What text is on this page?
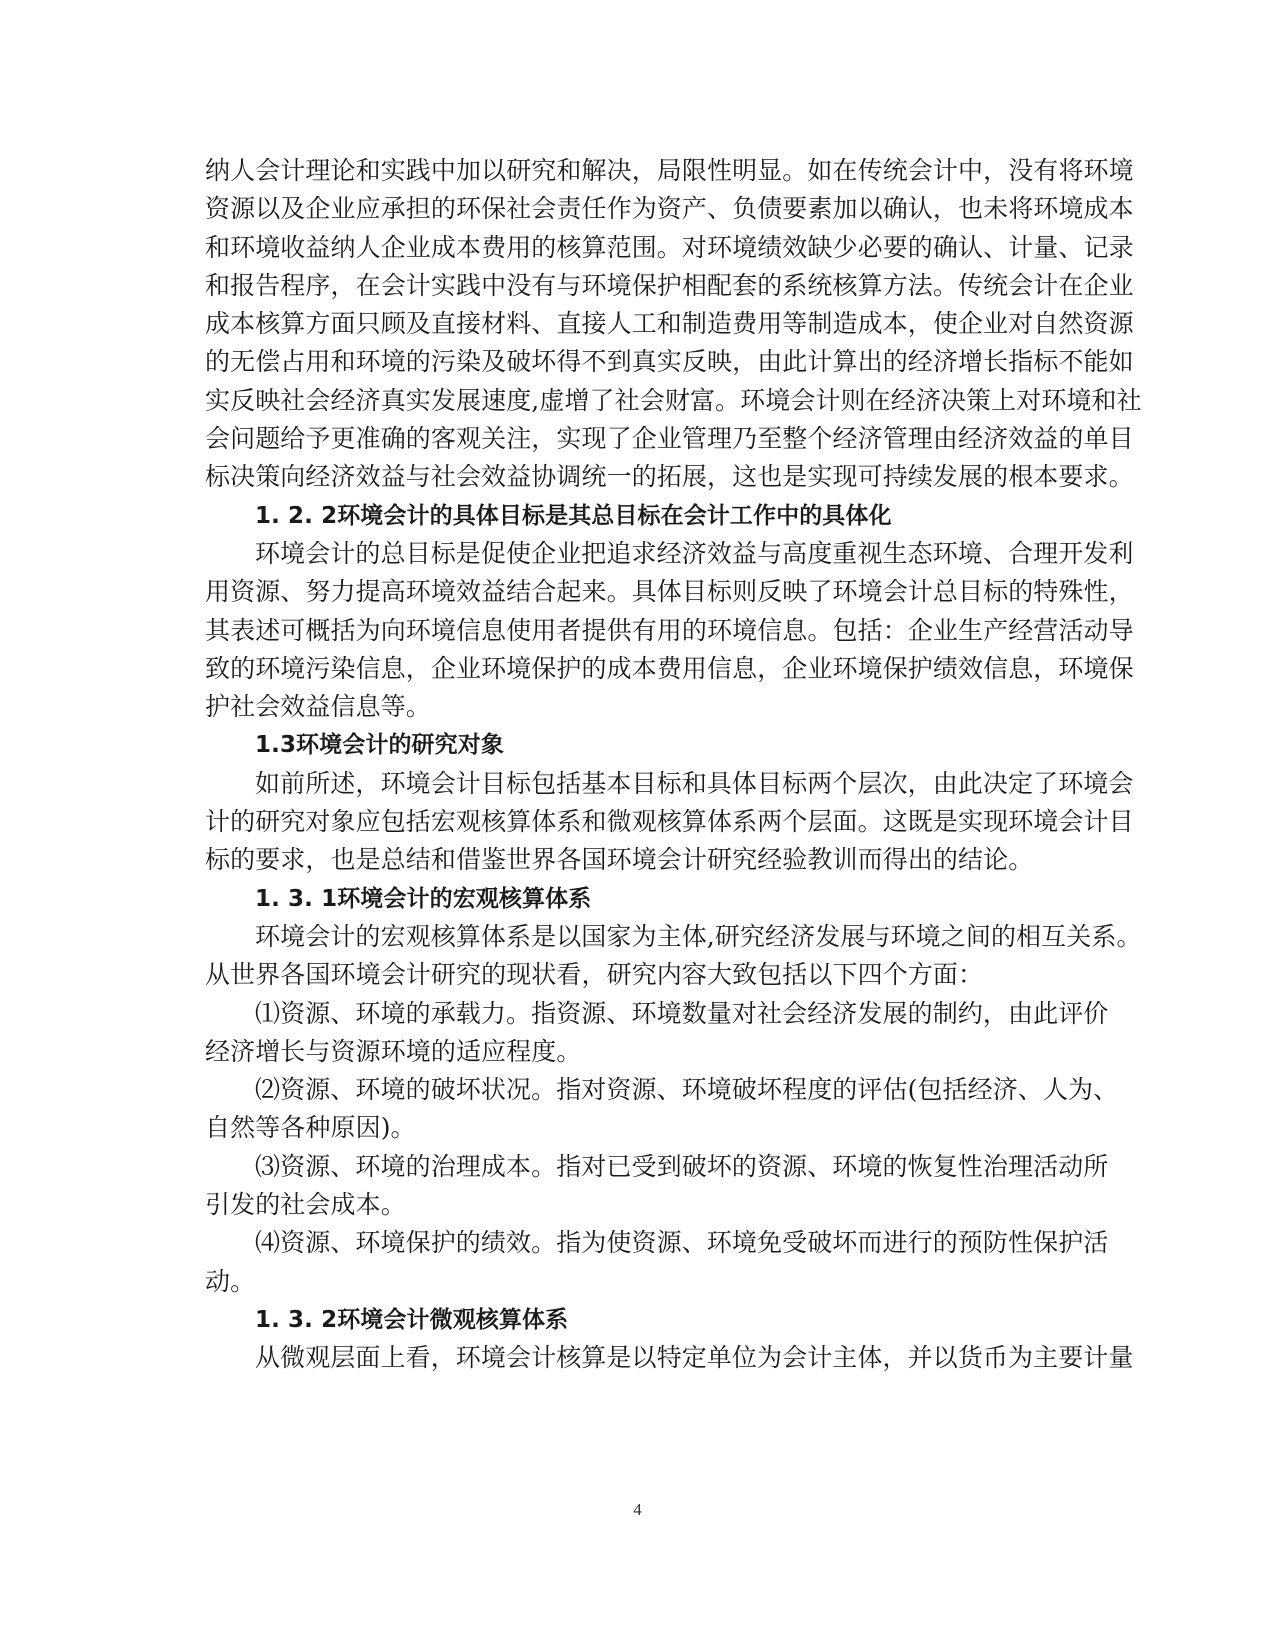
纳人会计理论和实践中加以研究和解决，局限性明显。如在传统会计中，没有将环境
资源以及企业应承担的环保社会责任作为资产、负债要素加以确认，也未将环境成本
和环境收益纳人企业成本费用的核算范围。对环境绩效缺少必要的确认、计量、记录
和报告程序，在会计实践中没有与环境保护相配套的系统核算方法。传统会计在企业
成本核算方面只顾及直接材料、直接人工和制造费用等制造成本，使企业对自然资源
的无偿占用和环境的污染及破坏得不到真实反映，由此计算出的经济增长指标不能如
实反映社会经济真实发展速度,虚增了社会财富。环境会计则在经济决策上对环境和社
会问题给予更准确的客观关注，实现了企业管理乃至整个经济管理由经济效益的单目
标决策向经济效益与社会效益协调统一的拓展，这也是实现可持续发展的根本要求。
1. 2. 2环境会计的具体目标是其总目标在会计工作中的具体化
环境会计的总目标是促使企业把追求经济效益与高度重视生态环境、合理开发利
用资源、努力提高环境效益结合起来。具体目标则反映了环境会计总目标的特殊性，
其表述可概括为向环境信息使用者提供有用的环境信息。包括：企业生产经营活动导
致的环境污染信息，企业环境保护的成本费用信息，企业环境保护绩效信息，环境保
护社会效益信息等。
1.3环境会计的研究对象
如前所述，环境会计目标包括基本目标和具体目标两个层次，由此决定了环境会
计的研究对象应包括宏观核算体系和微观核算体系两个层面。这既是实现环境会计目
标的要求，也是总结和借鉴世界各国环境会计研究经验教训而得出的结论。
1. 3. 1环境会计的宏观核算体系
环境会计的宏观核算体系是以国家为主体,研究经济发展与环境之间的相互关系。
从世界各国环境会计研究的现状看，研究内容大致包括以下四个方面：
⑴资源、环境的承载力。指资源、环境数量对社会经济发展的制约，由此评价
经济增长与资源环境的适应程度。
⑵资源、环境的破坏状况。指对资源、环境破坏程度的评估(包括经济、人为、
自然等各种原因)。
⑶资源、环境的治理成本。指对已受到破坏的资源、环境的恢复性治理活动所
引发的社会成本。
⑷资源、环境保护的绩效。指为使资源、环境免受破坏而进行的预防性保护活
动。
1. 3. 2环境会计微观核算体系
从微观层面上看，环境会计核算是以特定单位为会计主体，并以货币为主要计量
4
